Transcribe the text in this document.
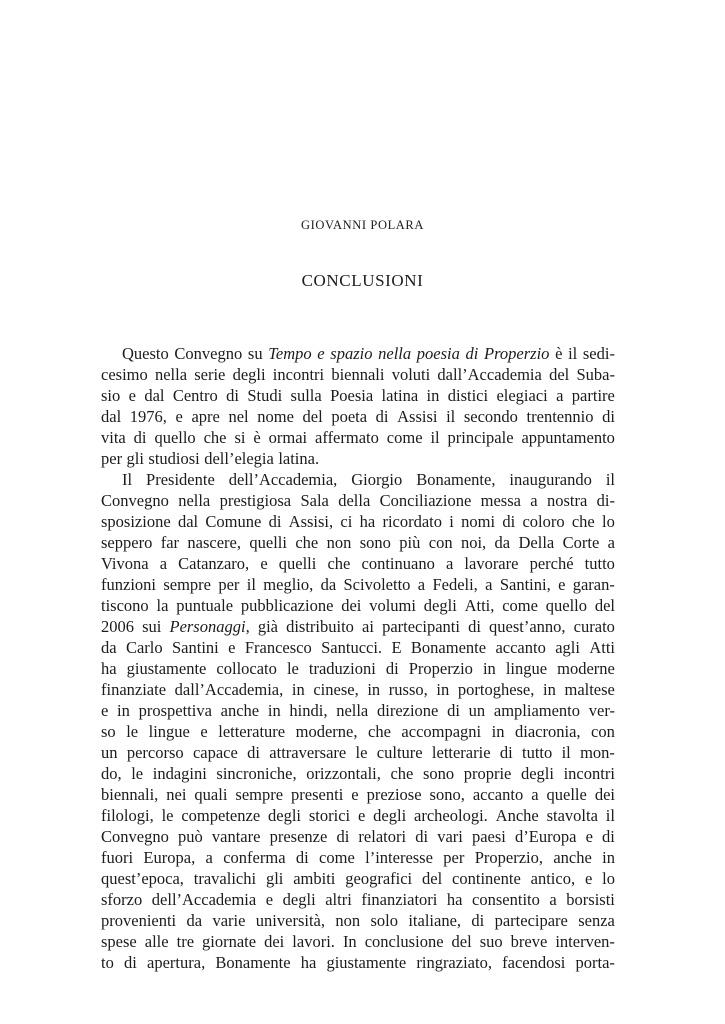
GIOVANNI POLARA
CONCLUSIONI
Questo Convegno su Tempo e spazio nella poesia di Properzio è il sedi-
cesimo nella serie degli incontri biennali voluti dall’Accademia del Suba-
sio e dal Centro di Studi sulla Poesia latina in distici elegiaci a partire
dal 1976, e apre nel nome del poeta di Assisi il secondo trentennio di
vita di quello che si è ormai affermato come il principale appuntamento
per gli studiosi dell’elegia latina.
Il Presidente dell’Accademia, Giorgio Bonamente, inaugurando il
Convegno nella prestigiosa Sala della Conciliazione messa a nostra di-
sposizione dal Comune di Assisi, ci ha ricordato i nomi di coloro che lo
seppero far nascere, quelli che non sono più con noi, da Della Corte a
Vivona a Catanzaro, e quelli che continuano a lavorare perché tutto
funzioni sempre per il meglio, da Scivoletto a Fedeli, a Santini, e garan-
tiscono la puntuale pubblicazione dei volumi degli Atti, come quello del
2006 sui Personaggi, già distribuito ai partecipanti di quest’anno, curato
da Carlo Santini e Francesco Santucci. E Bonamente accanto agli Atti
ha giustamente collocato le traduzioni di Properzio in lingue moderne
finanziate dall’Accademia, in cinese, in russo, in portoghese, in maltese
e in prospettiva anche in hindi, nella direzione di un ampliamento ver-
so le lingue e letterature moderne, che accompagni in diacronia, con
un percorso capace di attraversare le culture letterarie di tutto il mon-
do, le indagini sincroniche, orizzontali, che sono proprie degli incontri
biennali, nei quali sempre presenti e preziose sono, accanto a quelle dei
filologi, le competenze degli storici e degli archeologi. Anche stavolta il
Convegno può vantare presenze di relatori di vari paesi d’Europa e di
fuori Europa, a conferma di come l’interesse per Properzio, anche in
quest’epoca, travalichi gli ambiti geografici del continente antico, e lo
sforzo dell’Accademia e degli altri finanziatori ha consentito a borsisti
provenienti da varie università, non solo italiane, di partecipare senza
spese alle tre giornate dei lavori. In conclusione del suo breve interven-
to di apertura, Bonamente ha giustamente ringraziato, facendosi porta-
